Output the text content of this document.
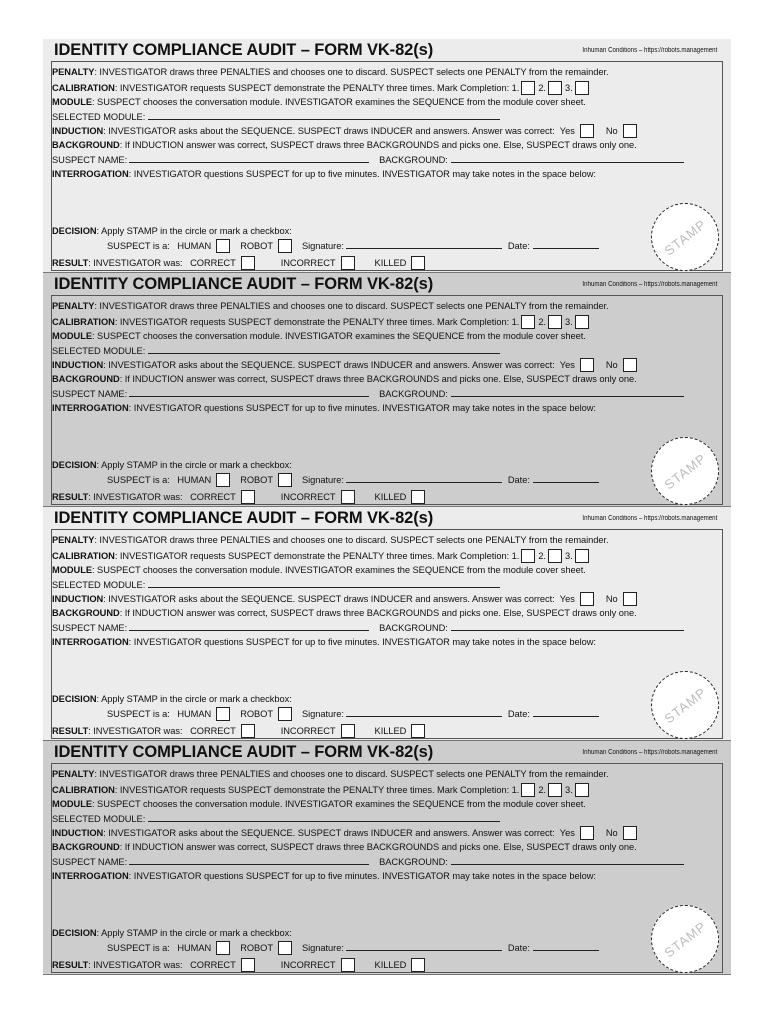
IDENTITY COMPLIANCE AUDIT – FORM VK-82(s)	Inhuman Conditions – https://robots.management
PENALTY: INVESTIGATOR draws three PENALTIES and chooses one to discard. SUSPECT selects one PENALTY from the remainder.
CALIBRATION: INVESTIGATOR requests SUSPECT demonstrate the PENALTY three times. Mark Completion: 1. 2. 3.
MODULE: SUSPECT chooses the conversation module. INVESTIGATOR examines the SEQUENCE from the module cover sheet.
SELECTED MODULE:
INDUCTION: INVESTIGATOR asks about the SEQUENCE. SUSPECT draws INDUCER and answers. Answer was correct: Yes	No
BACKGROUND: If INDUCTION answer was correct, SUSPECT draws three BACKGROUNDS and picks one. Else, SUSPECT draws only one.
SUSPECT NAME:	BACKGROUND:
INTERROGATION: INVESTIGATOR questions SUSPECT for up to five minutes. INVESTIGATOR may take notes in the space below:
DECISION: Apply STAMP in the circle or mark a checkbox:
SUSPECT is a: HUMAN	ROBOT	Signature:	Date:
RESULT: INVESTIGATOR was: CORRECT	INCORRECT	KILLED
STAMP
IDENTITY COMPLIANCE AUDIT – FORM VK-82(s)	Inhuman Conditions – https://robots.management
PENALTY: INVESTIGATOR draws three PENALTIES and chooses one to discard. SUSPECT selects one PENALTY from the remainder.
CALIBRATION: INVESTIGATOR requests SUSPECT demonstrate the PENALTY three times. Mark Completion: 1. 2. 3.
MODULE: SUSPECT chooses the conversation module. INVESTIGATOR examines the SEQUENCE from the module cover sheet.
SELECTED MODULE:
INDUCTION: INVESTIGATOR asks about the SEQUENCE. SUSPECT draws INDUCER and answers. Answer was correct: Yes	No
BACKGROUND: If INDUCTION answer was correct, SUSPECT draws three BACKGROUNDS and picks one. Else, SUSPECT draws only one.
SUSPECT NAME:	BACKGROUND:
INTERROGATION: INVESTIGATOR questions SUSPECT for up to five minutes. INVESTIGATOR may take notes in the space below:
DECISION: Apply STAMP in the circle or mark a checkbox:
SUSPECT is a: HUMAN	ROBOT	Signature:	Date:
RESULT: INVESTIGATOR was: CORRECT	INCORRECT	KILLED
STAMP
IDENTITY COMPLIANCE AUDIT – FORM VK-82(s)	Inhuman Conditions – https://robots.management
PENALTY: INVESTIGATOR draws three PENALTIES and chooses one to discard. SUSPECT selects one PENALTY from the remainder.
CALIBRATION: INVESTIGATOR requests SUSPECT demonstrate the PENALTY three times. Mark Completion: 1. 2. 3.
MODULE: SUSPECT chooses the conversation module. INVESTIGATOR examines the SEQUENCE from the module cover sheet.
SELECTED MODULE:
INDUCTION: INVESTIGATOR asks about the SEQUENCE. SUSPECT draws INDUCER and answers. Answer was correct: Yes	No
BACKGROUND: If INDUCTION answer was correct, SUSPECT draws three BACKGROUNDS and picks one. Else, SUSPECT draws only one.
SUSPECT NAME:	BACKGROUND:
INTERROGATION: INVESTIGATOR questions SUSPECT for up to five minutes. INVESTIGATOR may take notes in the space below:
DECISION: Apply STAMP in the circle or mark a checkbox:
SUSPECT is a: HUMAN	ROBOT	Signature:	Date:
RESULT: INVESTIGATOR was: CORRECT	INCORRECT	KILLED
STAMP
IDENTITY COMPLIANCE AUDIT – FORM VK-82(s)	Inhuman Conditions – https://robots.management
PENALTY: INVESTIGATOR draws three PENALTIES and chooses one to discard. SUSPECT selects one PENALTY from the remainder.
CALIBRATION: INVESTIGATOR requests SUSPECT demonstrate the PENALTY three times. Mark Completion: 1. 2. 3.
MODULE: SUSPECT chooses the conversation module. INVESTIGATOR examines the SEQUENCE from the module cover sheet.
SELECTED MODULE:
INDUCTION: INVESTIGATOR asks about the SEQUENCE. SUSPECT draws INDUCER and answers. Answer was correct: Yes	No
BACKGROUND: If INDUCTION answer was correct, SUSPECT draws three BACKGROUNDS and picks one. Else, SUSPECT draws only one.
SUSPECT NAME:	BACKGROUND:
INTERROGATION: INVESTIGATOR questions SUSPECT for up to five minutes. INVESTIGATOR may take notes in the space below:
DECISION: Apply STAMP in the circle or mark a checkbox:
SUSPECT is a: HUMAN	ROBOT	Signature:	Date:
RESULT: INVESTIGATOR was: CORRECT	INCORRECT	KILLED
STAMP
